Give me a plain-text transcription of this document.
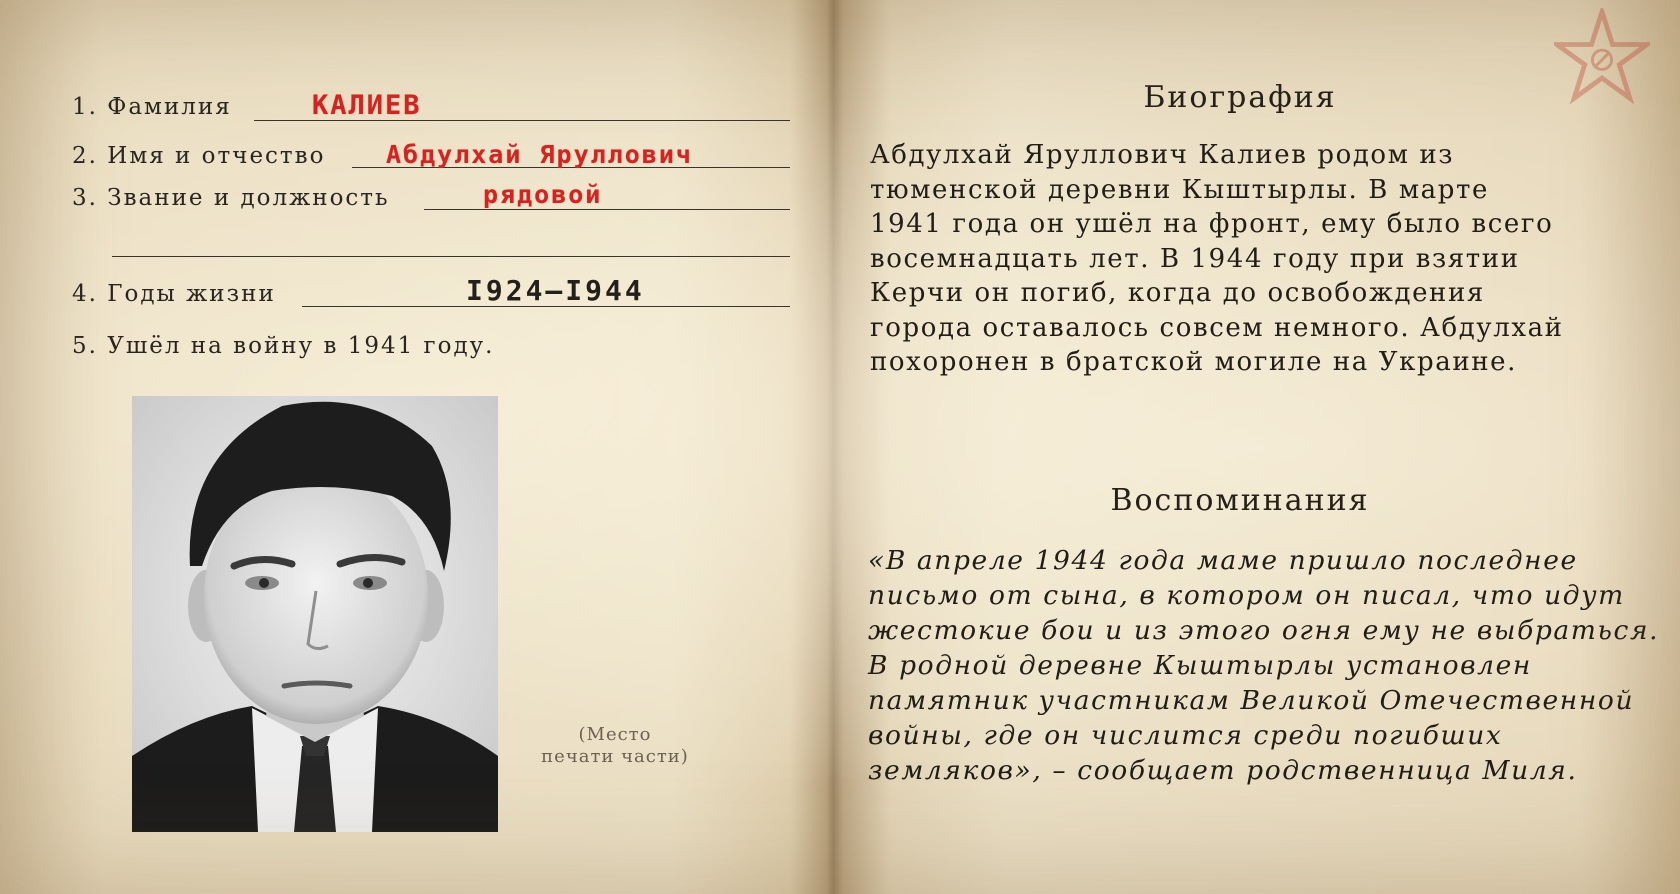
1. Фамилия	КАЛИЕВ
2. Имя и отчество Абдулхай Яруллович
3. Звание и должность	рядовой
4. Годы жизни	I924–I944
5. Ушёл на войну в 1941 году.
(Место
печати части)
Биография
Абдулхай Яруллович Калиев родом из
тюменской деревни Кыштырлы. В марте
1941 года он ушёл на фронт, ему было всего
восемнадцать лет. В 1944 году при взятии
Керчи он погиб, когда до освобождения
города оставалось совсем немного. Абдулхай
похоронен в братской могиле на Украине.
Воспоминания
«В апреле 1944 года маме пришло последнее
письмо от сына, в котором он писал, что идут
жестокие бои и из этого огня ему не выбраться.
В родной деревне Кыштырлы установлен
памятник участникам Великой Отечественной
войны, где он числится среди погибших
земляков», – сообщает родственница Миля.
